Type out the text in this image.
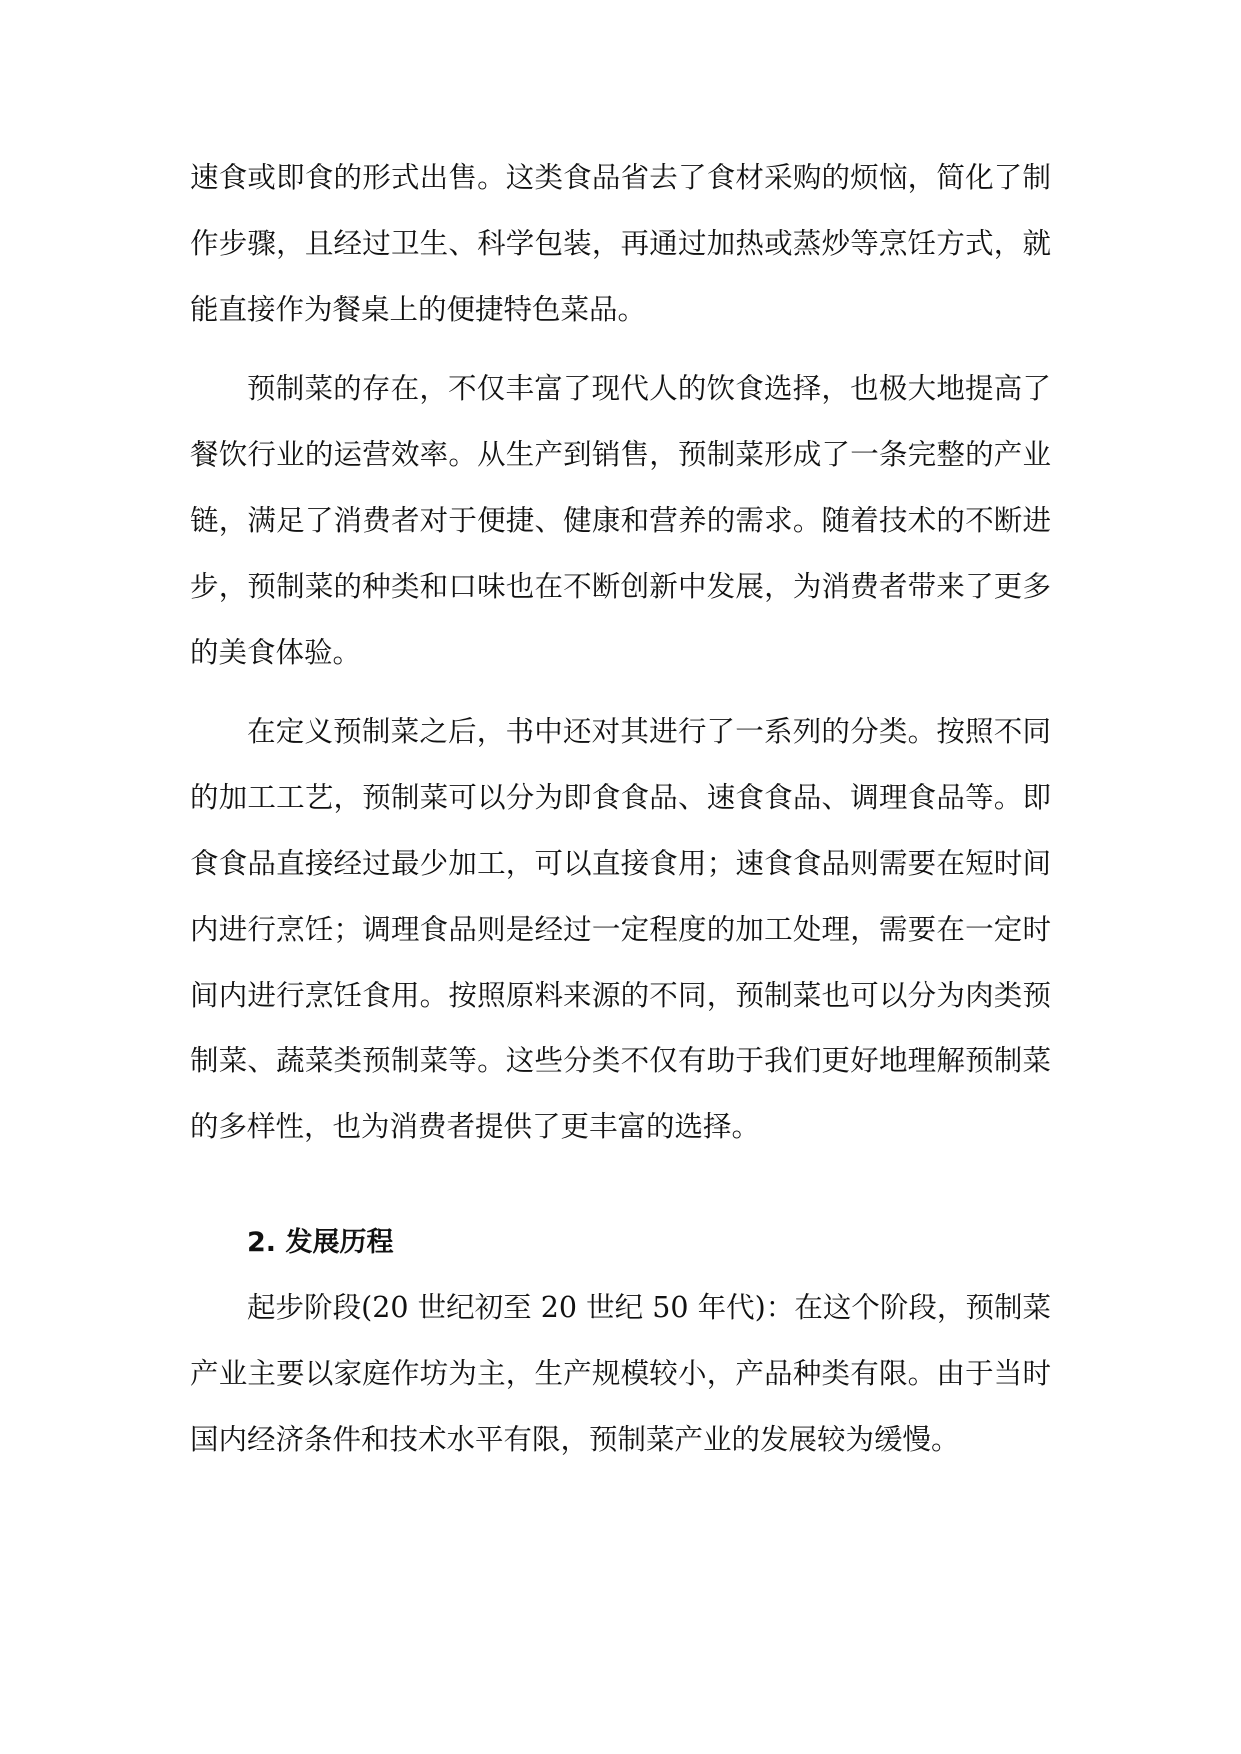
速食或即食的形式出售。这类食品省去了食材采购的烦恼，简化了制作步骤，且经过卫生、科学包装，再通过加热或蒸炒等烹饪方式，就能直接作为餐桌上的便捷特色菜品。

预制菜的存在，不仅丰富了现代人的饮食选择，也极大地提高了餐饮行业的运营效率。从生产到销售，预制菜形成了一条完整的产业链，满足了消费者对于便捷、健康和营养的需求。随着技术的不断进步，预制菜的种类和口味也在不断创新中发展，为消费者带来了更多的美食体验。

在定义预制菜之后，书中还对其进行了一系列的分类。按照不同的加工工艺，预制菜可以分为即食食品、速食食品、调理食品等。即食食品直接经过最少加工，可以直接食用；速食食品则需要在短时间内进行烹饪；调理食品则是经过一定程度的加工处理，需要在一定时间内进行烹饪食用。按照原料来源的不同，预制菜也可以分为肉类预制菜、蔬菜类预制菜等。这些分类不仅有助于我们更好地理解预制菜的多样性，也为消费者提供了更丰富的选择。

2. 发展历程

起步阶段(20 世纪初至 20 世纪 50 年代)：在这个阶段，预制菜产业主要以家庭作坊为主，生产规模较小，产品种类有限。由于当时国内经济条件和技术水平有限，预制菜产业的发展较为缓慢。
